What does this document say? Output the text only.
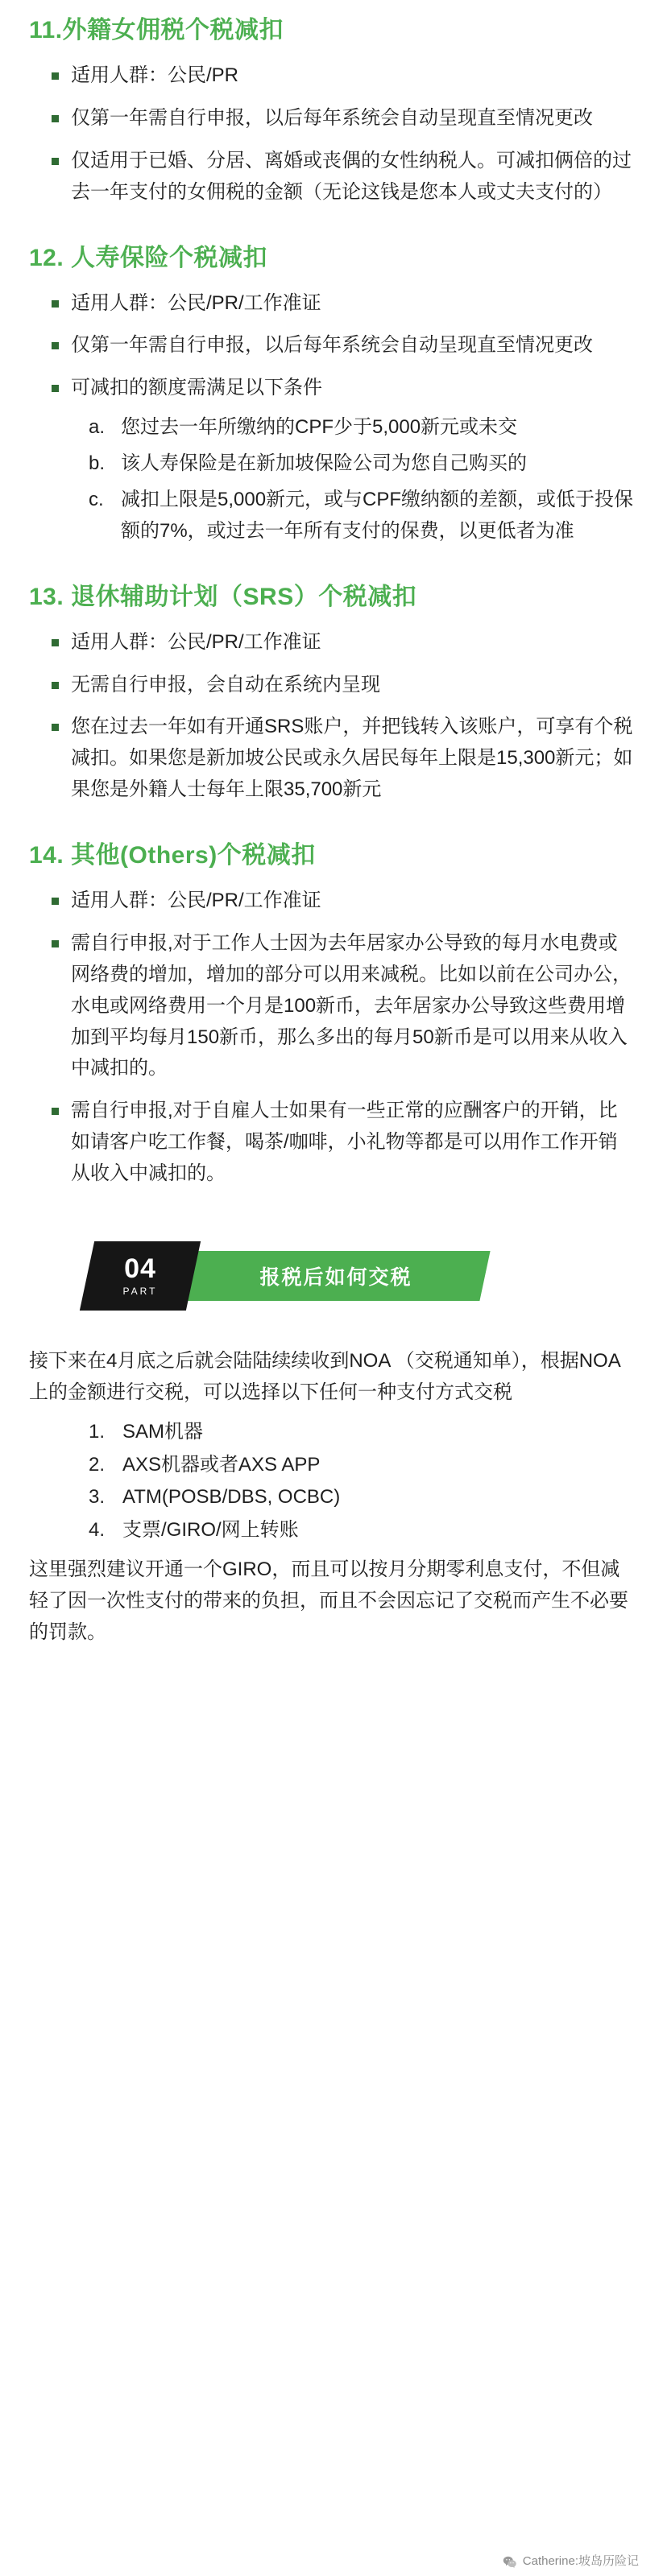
11.外籍女佣税个税减扣
适用人群：公民/PR
仅第一年需自行申报，以后每年系统会自动呈现直至情况更改
仅适用于已婚、分居、离婚或丧偶的女性纳税人。可减扣俩倍的过去一年支付的女佣税的金额（无论这钱是您本人或丈夫支付的）
12. 人寿保险个税减扣
适用人群：公民/PR/工作准证
仅第一年需自行申报，以后每年系统会自动呈现直至情况更改
可减扣的额度需满足以下条件
a. 您过去一年所缴纳的CPF少于5,000新元或未交
b. 该人寿保险是在新加坡保险公司为您自己购买的
c. 减扣上限是5,000新元，或与CPF缴纳额的差额，或低于投保额的7%，或过去一年所有支付的保费，以更低者为准
13. 退休辅助计划（SRS）个税减扣
适用人群：公民/PR/工作准证
无需自行申报，会自动在系统内呈现
您在过去一年如有开通SRS账户，并把钱转入该账户，可享有个税减扣。如果您是新加坡公民或永久居民每年上限是15,300新元；如果您是外籍人士每年上限35,700新元
14. 其他(Others)个税减扣
适用人群：公民/PR/工作准证
需自行申报,对于工作人士因为去年居家办公导致的每月水电费或网络费的增加，增加的部分可以用来减税。比如以前在公司办公，水电或网络费用一个月是100新币，去年居家办公导致这些费用增加到平均每月150新币，那么多出的每月50新币是可以用来从收入中减扣的。
需自行申报,对于自雇人士如果有一些正常的应酬客户的开销，比如请客户吃工作餐，喝茶/咖啡，小礼物等都是可以用作工作开销从收入中减扣的。
04
PART
报税后如何交税

接下来在4月底之后就会陆陆续续收到NOA （交税通知单），根据NOA上的金额进行交税，可以选择以下任何一种支付方式交税

1. SAM机器
2. AXS机器或者AXS APP
3. ATM(POSB/DBS, OCBC)
4. 支票/GIRO/网上转账

这里强烈建议开通一个GIRO，而且可以按月分期零利息支付，不但减轻了因一次性支付的带来的负担，而且不会因忘记了交税而产生不必要的罚款。

Catherine:坡岛历险记
